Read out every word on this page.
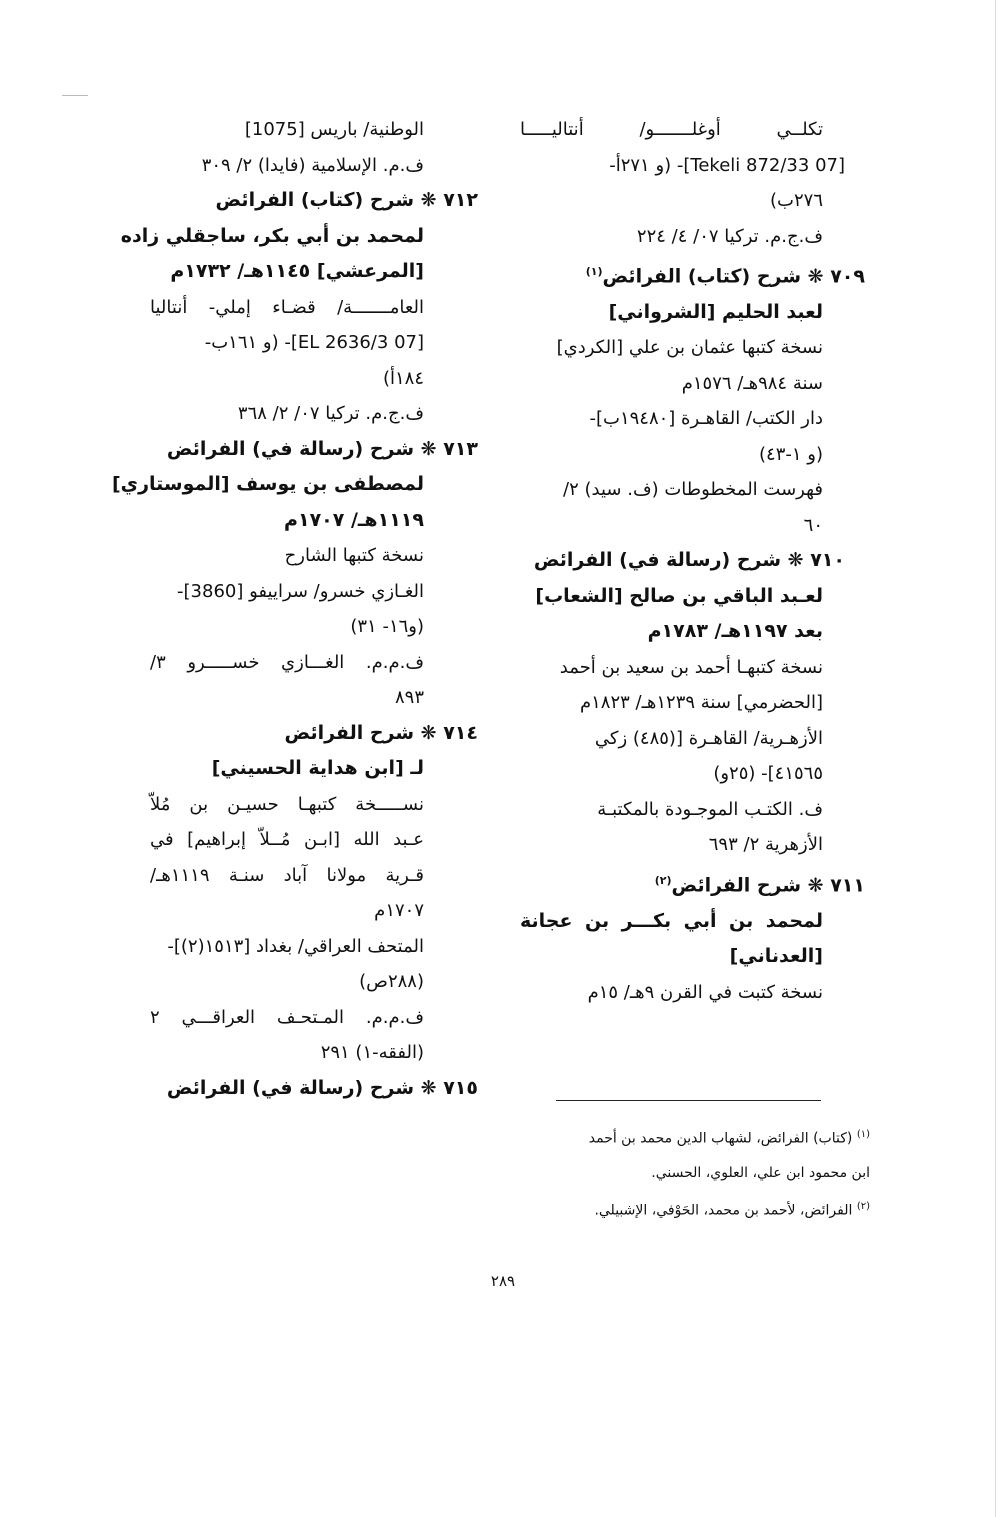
تكلــي أوغلـــــــو/ أنتاليـــــا
[07 Tekeli 872/33]- (و ٢٧١أ-
٢٧٦ب)
ف.ج.م. تركيا ٠٧/ ٤/ ٢٢٤
٧٠٩ ❋ شرح (كتاب) الفرائض$^{(١)}$
لعبد الحليم [الشرواني]
نسخة كتبها عثمان بن علي [الكردي]
سنة ٩٨٤هـ/ ١٥٧٦م
دار الكتب/ القاهـرة [١٩٤٨٠ب]-
(و ١-٤٣)
فهرست المخطوطات (ف. سيد) ٢/
٦٠
٧١٠ ❋ شرح (رسالة في) الفرائض
لعـبد الباقي بن صالح [الشعاب]
بعد ١١٩٧هـ/ ١٧٨٣م
نسخة كتبهـا أحمد بن سعيد بن أحمد
[الحضرمي] سنة ١٢٣٩هـ/ ١٨٢٣م
الأزهـرية/ القاهـرة [(٤٨٥) زكي
٤١٥٦٥]- (٢٥و)
ف. الكتـب الموجـودة بالمكتبـة
الأزهرية ٢/ ٦٩٣
٧١١ ❋ شرح الفرائض$^{(٢)}$
لمحمد بن أبي بكـــر بن عجانة
[العدناني]
نسخة كتبت في القرن ٩هـ/ ١٥م
الوطنية/ باريس [1075]
ف.م. الإسلامية (فايدا) ٢/ ٣٠٩
٧١٢ ❋ شرح (كتاب) الفرائض
لمحمد بن أبي بكر، ساجقلي زاده
[المرعشي] ١١٤٥هـ/ ١٧٣٢م
العامـــــــة/ قضـاء إملي- أنتاليا
[07 EL 2636/3]- (و ١٦١ب-
١٨٤أ)
ف.ج.م. تركيا ٠٧/ ٢/ ٣٦٨
٧١٣ ❋ شرح (رسالة في) الفرائض
لمصطفى بن يوسف [الموستاري]
١١١٩هـ/ ١٧٠٧م
نسخة كتبها الشارح
الغـازي خسرو/ سراييفو [3860]-
(و١٦- ٣١)
ف.م.م. الغـــازي خســـــرو ٣/
٨٩٣
٧١٤ ❋ شرح الفرائض
لـ [ابن هداية الحسيني]
نســـــخة كتبهـا حسيـن بن مُلاّ
عـبد الله [ابـن مُــلاّ إبراهيم] في
قـرية مولانا آباد سنـة ١١١٩هـ/
١٧٠٧م
المتحف العراقي/ بغداد [١٥١٣(٢)]-
(٢٨٨ص)
ف.م.م. المـتحـف العراقـــي ٢
(الفقه-١) ٢٩١
٧١٥ ❋ شرح (رسالة في) الفرائض
$^{(١)}$ (كتاب) الفرائض، لشهاب الدين محمد بن أحمد
ابن محمود ابن علي، العلوي، الحسني.
$^{(٢)}$ الفرائض، لأحمد بن محمد، الحَوْفي، الإشبيلي.
٢٨٩
